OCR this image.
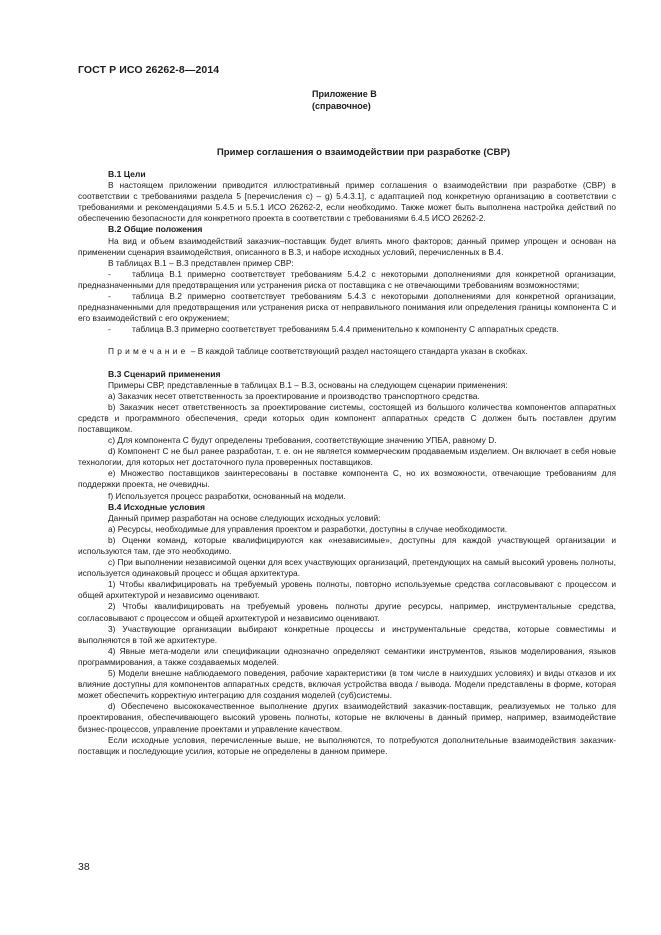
ГОСТ Р ИСО 26262-8—2014
Приложение В
(справочное)
Пример соглашения о взаимодействии при разработке (СВР)
В.1 Цели

В настоящем приложении приводится иллюстративный пример соглашения о взаимодействии при разработке (СВР) в соответствии с требованиями раздела 5 [перечисления с) – g) 5.4.3.1], с адаптацией под конкретную организацию в соответствии с требованиями и рекомендациями 5.4.5 и 5.5.1 ИСО 26262-2, если необходимо. Также может быть выполнена настройка действий по обеспечению безопасности для конкретного проекта в соответствии с требованиями 6.4.5 ИСО 26262-2.

В.2 Общие положения

На вид и объем взаимодействий заказчик–поставщик будет влиять много факторов; данный пример упрощен и основан на применении сценария взаимодействия, описанного в В.3, и наборе исходных условий, перечисленных в В.4.

В таблицах В.1 – В.3 представлен пример СВР:

-	таблица В.1 примерно соответствует требованиям 5.4.2 с некоторыми дополнениями для конкретной организации, предназначенными для предотвращения или устранения риска от поставщика с не отвечающими требованиям возможностями;

-	таблица В.2 примерно соответствует требованиям 5.4.3 с некоторыми дополнениями для конкретной организации, предназначенными для предотвращения или устранения риска от неправильного понимания или определения границы компонента С и его взаимодействий с его окружением;

-	таблица В.3 примерно соответствует требованиям 5.4.4 применительно к компоненту С аппаратных средств.

Примечание – В каждой таблице соответствующий раздел настоящего стандарта указан в скобках.

В.3 Сценарий применения

Примеры СВР, представленные в таблицах В.1 – В.3, основаны на следующем сценарии применения:

а) Заказчик несет ответственность за проектирование и производство транспортного средства.

b) Заказчик несет ответственность за проектирование системы, состоящей из большого количества компонентов аппаратных средств и программного обеспечения, среди которых один компонент аппаратных средств С должен быть поставлен другим поставщиком.

с) Для компонента С будут определены требования, соответствующие значению УПБА, равному D.

d) Компонент С не был ранее разработан, т. е. он не является коммерческим продаваемым изделием. Он включает в себя новые технологии, для которых нет достаточного пула проверенных поставщиков.

е) Множество поставщиков заинтересованы в поставке компонента С, но их возможности, отвечающие требованиям для поддержки проекта, не очевидны.

f) Используется процесс разработки, основанный на модели.

В.4 Исходные условия

Данный пример разработан на основе следующих исходных условий:

а) Ресурсы, необходимые для управления проектом и разработки, доступны в случае необходимости.

b) Оценки команд, которые квалифицируются как «независимые», доступны для каждой участвующей организации и используются там, где это необходимо.

с) При выполнении независимой оценки для всех участвующих организаций, претендующих на самый высокий уровень полноты, используется одинаковый процесс и общая архитектура.

1) Чтобы квалифицировать на требуемый уровень полноты, повторно используемые средства согласовывают с процессом и общей архитектурой и независимо оценивают.

2) Чтобы квалифицировать на требуемый уровень полноты другие ресурсы, например, инструментальные средства, согласовывают с процессом и общей архитектурой и независимо оценивают.

3) Участвующие организации выбирают конкретные процессы и инструментальные средства, которые совместимы и выполняются в той же архитектуре.

4) Явные мета-модели или спецификации однозначно определяют семантики инструментов, языков моделирования, языков программирования, а также создаваемых моделей.

5) Модели внешне наблюдаемого поведения, рабочие характеристики (в том числе в наихудших условиях) и виды отказов и их влияние доступны для компонентов аппаратных средств, включая устройства ввода / вывода. Модели представлены в форме, которая может обеспечить корректную интеграцию для создания моделей (суб)системы.

d) Обеспечено высококачественное выполнение других взаимодействий заказчик-поставщик, реализуемых не только для проектирования, обеспечивающего высокий уровень полноты, которые не включены в данный пример, например, взаимодействие бизнес-процессов, управление проектами и управление качеством.

Если исходные условия, перечисленные выше, не выполняются, то потребуются дополнительные взаимодействия заказчик-поставщик и последующие усилия, которые не определены в данном примере.

38
